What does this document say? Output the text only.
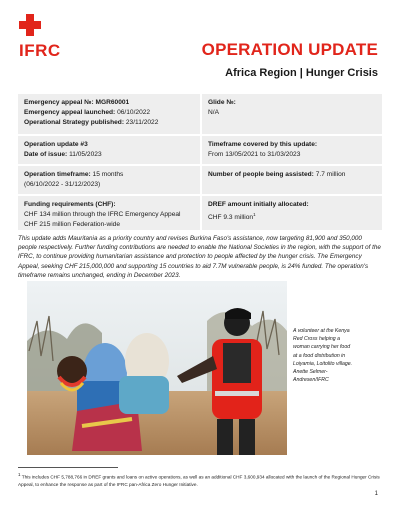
IFRC	OPERATION UPDATE
Africa Region | Hunger Crisis
Emergency appeal №: MGR60001
Emergency appeal launched: 06/10/2022
Operational Strategy published: 23/11/2022
Glide №:
N/A
Operation update #3
Date of issue: 11/05/2023
Timeframe covered by this update:
From 13/05/2021 to 31/03/2023
Operation timeframe: 15 months
(06/10/2022 - 31/12/2023)
Number of people being assisted: 7.7 million
Funding requirements (CHF):
CHF 134 million through the IFRC Emergency Appeal
CHF 215 million Federation-wide
DREF amount initially allocated:
CHF 9.3 million$^1$

This update adds Mauritania as a priority country and revises Burkina Faso's assistance, now targeting 81,900 and 350,000 people respectively. Further funding contributions are needed to enable the National Societies in the region, with the support of the IFRC, to continue providing humanitarian assistance and protection to people affected by the hunger crisis. The Emergency Appeal, seeking CHF 215,000,000 and supporting 15 countries to aid 7.7M vulnerable people, is 24% funded. The operation's timeframe remains unchanged, ending in December 2023.

A volunteer at the Kenya Red Cross helping a woman carrying her food at a food distribution in Loiyamia, Loitolito village. Anette Selmer-Andresen/IFRC

$^1$ This includes CHF 5,788,766 in DREF grants and loans on active operations, as well as an additional CHF 3,600,934 allocated with the launch of the Regional Hunger Crisis Appeal, to enhance the response as part of the IFRC pan-Africa Zero Hunger Initiative.

1
